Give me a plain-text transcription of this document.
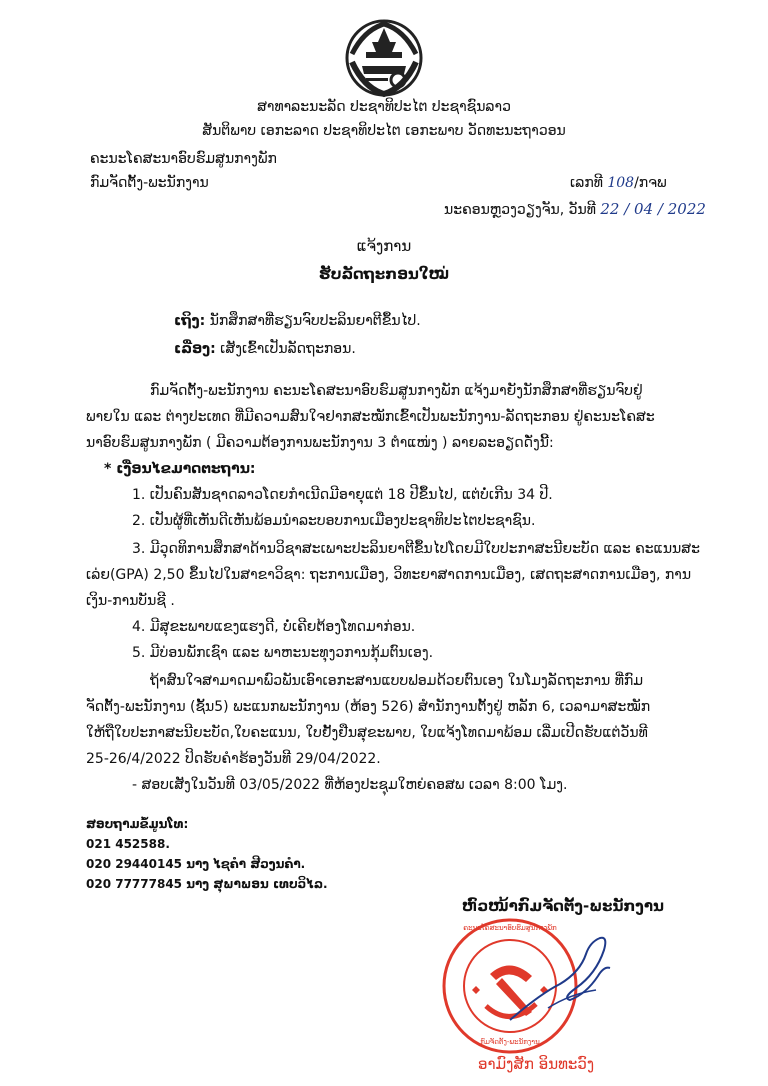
ສາທາລະນະລັດ ປະຊາທິປະໄຕ ປະຊາຊົນລາວ
ສັນຕິພາບ ເອກະລາດ ປະຊາທິປະໄຕ ເອກະພາບ ວັດທະນະຖາວອນ
ຄະນະໂຄສະນາອົບຮົມສູນກາງພັກ
ກົມຈັດຕັ້ງ-ພະນັກງານ	ເລກທີ 108/ກຈພ
ນະຄອນຫຼວງວຽງຈັນ, ວັນທີ 22 / 04 / 2022
ແຈ້ງການ
ຮັບລັດຖະກອນໃໝ່
ເຖິງ: ນັກສຶກສາທີ່ຮຽນຈົບປະລິນຍາຕີຂຶ້ນໄປ.
ເລື່ອງ: ເສັງເຂົ້າເປັນລັດຖະກອນ.
ກົມຈັດຕັ້ງ-ພະນັກງານ ຄະນະໂຄສະນາອົບຮົມສູນກາງພັກ ແຈ້ງມາຍັງນັກສຶກສາທີ່ຮຽນຈົບຢູ່
ພາຍໃນ ແລະ ຕ່າງປະເທດ ທີ່ມີຄວາມສົນໃຈຢາກສະໝັກເຂົ້າເປັນພະນັກງານ-ລັດຖະກອນ ຢູ່ຄະນະໂຄສະ
ນາອົບຮົມສູນກາງພັກ ( ມີຄວາມຕ້ອງການພະນັກງານ 3 ຕຳແໜ່ງ ) ລາຍລະອຽດດັ່ງນີ້:
* ເງື່ອນໄຂມາດຕະຖານ:
1. ເປັນຄົນສັນຊາດລາວໂດຍກຳເນີດມີອາຍຸແຕ່ 18 ປີຂຶ້ນໄປ, ແຕ່ບໍ່ເກີນ 34 ປີ.
2. ເປັນຜູ້ທີ່ເຫັນດີເຫັນພ້ອມນຳລະບອບການເມືອງປະຊາທິປະໄຕປະຊາຊົນ.
3. ມີວຸດທິການສຶກສາດ້ານວິຊາສະເພາະປະລິນຍາຕີຂຶ້ນໄປໂດຍມີໃບປະກາສະນີຍະບັດ ແລະ ຄະແນນສະ
ເລ່ຍ(GPA) 2,50 ຂຶ້ນໄປໃນສາຂາວິຊາ: ຖະການເມືອງ, ວິທະຍາສາດການເມືອງ, ເສດຖະສາດການເມືອງ, ການ
ເງິນ-ການບັນຊີ .
4. ມີສຸຂະພາບແຂງແຮງດີ, ບໍ່ເຄີຍຕ້ອງໂທດມາກ່ອນ.
5. ມີບ່ອນພັກເຊົາ ແລະ ພາຫະນະທຸງວການກຸ້ມຕົນເອງ.
ຖ້າສົນໃຈສາມາດມາພົວພັນເອົາເອກະສານແບບຟອມດ້ວຍຕົນເອງ ໃນໂມງລັດຖະການ ທີ່ກົມ
ຈັດຕັ້ງ-ພະນັກງານ (ຊັ້ນ5) ພະແນກພະນັກງານ (ຫ້ອງ 526) ສຳນັກງານຕັ້ງຢູ່ ຫລັກ 6, ເວລາມາສະໝັກ
ໃຫ້ຖືໃບປະກາສະນີຍະບັດ,ໃບຄະແນນ, ໃບຢັ້ງຢືນສຸຂະພາບ, ໃບແຈ້ງໂທດມາພ້ອມ ເລີ່ມເປີດຮັບແຕ່ວັນທີ
25-26/4/2022 ປິດຮັບຄຳຮ້ອງວັນທີ 29/04/2022.
- ສອບເສັງໃນວັນທີ 03/05/2022 ທີ່ຫ້ອງປະຊຸມໃຫຍ່ຄອສພ ເວລາ 8:00 ໂມງ.
ສອບຖາມຂໍ້ມູນໂທ:
021 452588.
020 29440145 ນາງ ໄຊຄຳ ສີວງນຄຳ.
020 77777845 ນາງ ສຸພາພອນ ເທບວິໄລ.
ຫົວໜ້າກົມຈັດຕັ້ງ-ພະນັກງານ
ຄະນະໂຄສະນາອົບຮົມສູນກາງພັກ
ກົມຈັດຕັ້ງ-ພະນັກງານ
ອາມົງສັກ ອິນທະວົງ
